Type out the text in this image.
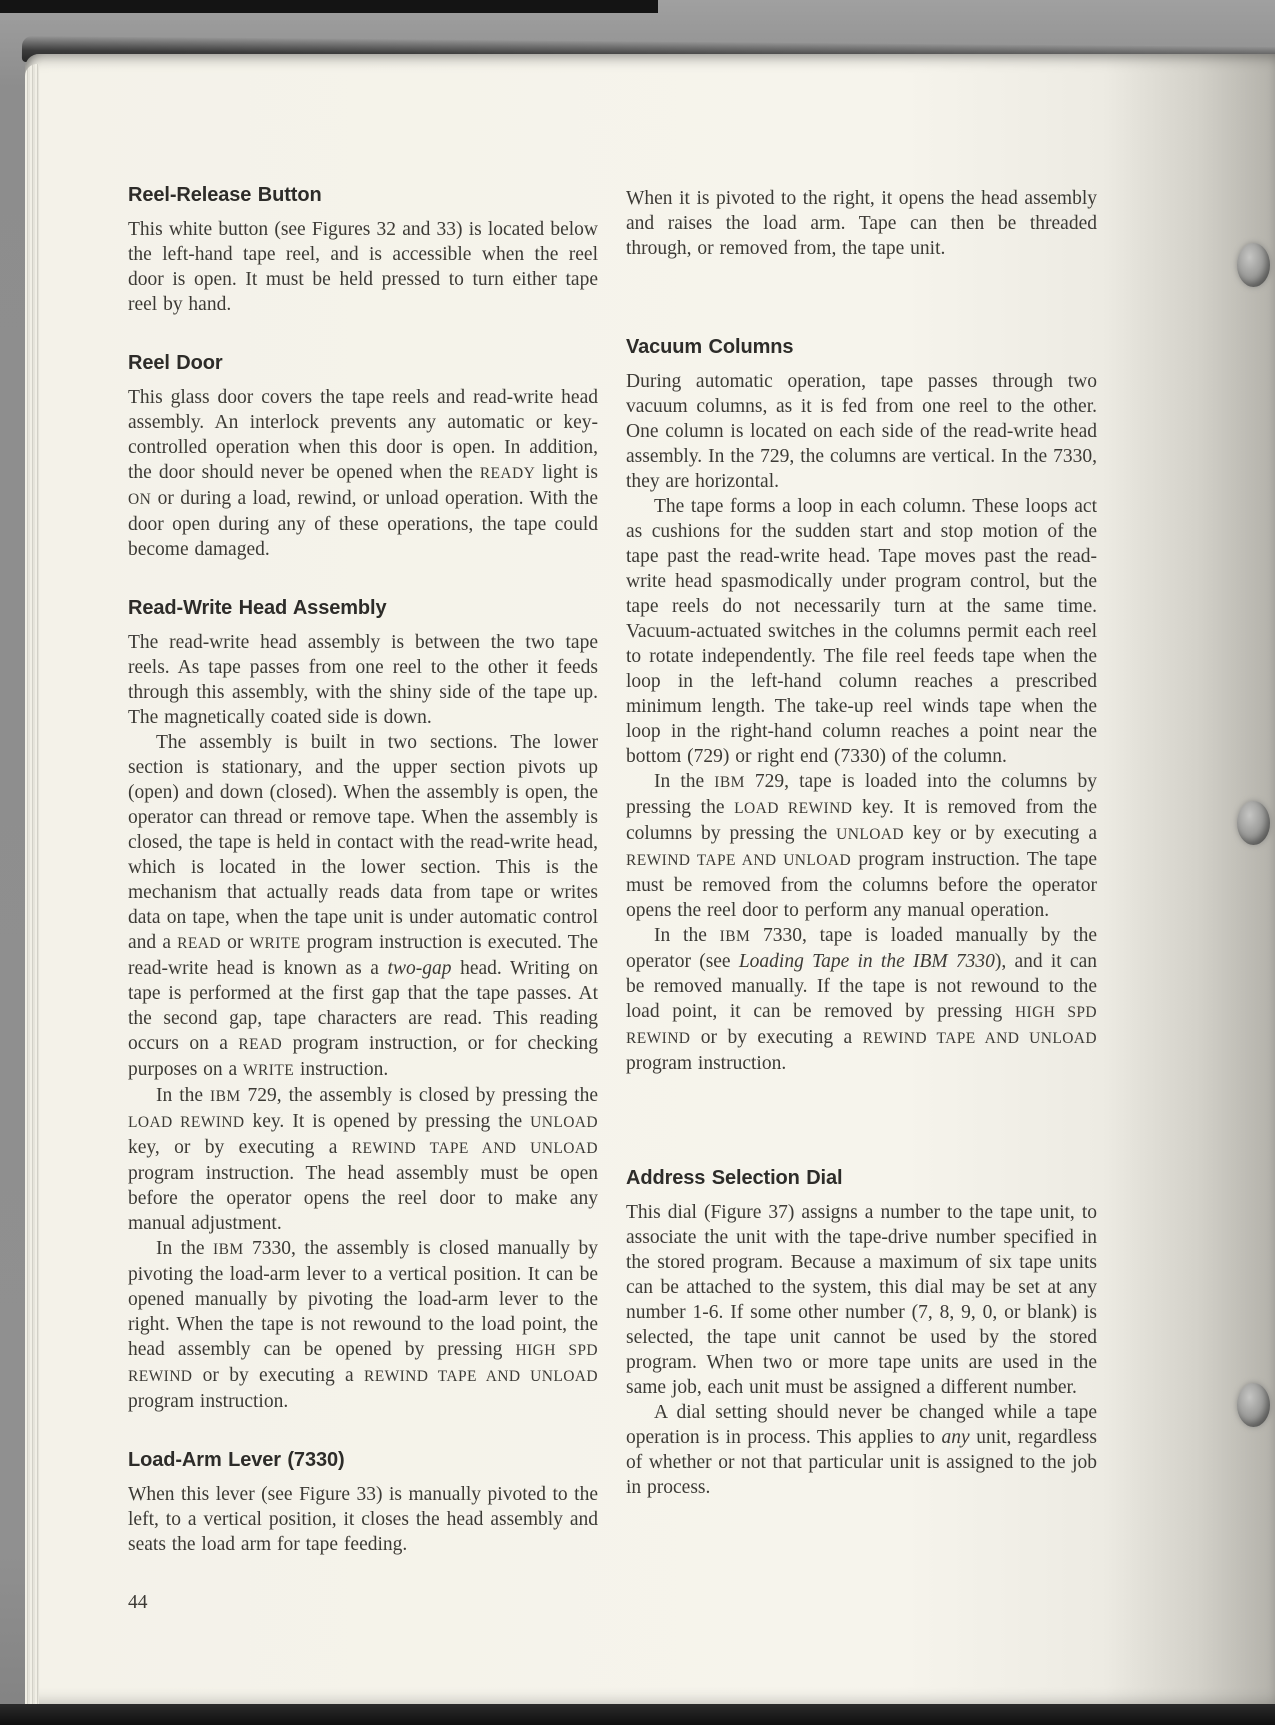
Reel-Release Button

This white button (see Figures 32 and 33) is located below the left-hand tape reel, and is accessible when the reel door is open. It must be held pressed to turn either tape reel by hand.

Reel Door

This glass door covers the tape reels and read-write head assembly. An interlock prevents any automatic or key-controlled operation when this door is open. In addition, the door should never be opened when the READY light is ON or during a load, rewind, or unload operation. With the door open during any of these operations, the tape could become damaged.

Read-Write Head Assembly

The read-write head assembly is between the two tape reels. As tape passes from one reel to the other it feeds through this assembly, with the shiny side of the tape up. The magnetically coated side is down.

The assembly is built in two sections. The lower section is stationary, and the upper section pivots up (open) and down (closed). When the assembly is open, the operator can thread or remove tape. When the assembly is closed, the tape is held in contact with the read-write head, which is located in the lower section. This is the mechanism that actually reads data from tape or writes data on tape, when the tape unit is under automatic control and a READ or WRITE program instruction is executed. The read-write head is known as a two-gap head. Writing on tape is performed at the first gap that the tape passes. At the second gap, tape characters are read. This reading occurs on a READ program instruction, or for checking purposes on a WRITE instruction.

In the IBM 729, the assembly is closed by pressing the LOAD REWIND key. It is opened by pressing the UNLOAD key, or by executing a REWIND TAPE AND UNLOAD program instruction. The head assembly must be open before the operator opens the reel door to make any manual adjustment.

In the IBM 7330, the assembly is closed manually by pivoting the load-arm lever to a vertical position. It can be opened manually by pivoting the load-arm lever to the right. When the tape is not rewound to the load point, the head assembly can be opened by pressing HIGH SPD REWIND or by executing a REWIND TAPE AND UNLOAD program instruction.

Load-Arm Lever (7330)

When this lever (see Figure 33) is manually pivoted to the left, to a vertical position, it closes the head assembly and seats the load arm for tape feeding.

When it is pivoted to the right, it opens the head assembly and raises the load arm. Tape can then be threaded through, or removed from, the tape unit.

Vacuum Columns

During automatic operation, tape passes through two vacuum columns, as it is fed from one reel to the other. One column is located on each side of the read-write head assembly. In the 729, the columns are vertical. In the 7330, they are horizontal.

The tape forms a loop in each column. These loops act as cushions for the sudden start and stop motion of the tape past the read-write head. Tape moves past the read-write head spasmodically under program control, but the tape reels do not necessarily turn at the same time. Vacuum-actuated switches in the columns permit each reel to rotate independently. The file reel feeds tape when the loop in the left-hand column reaches a prescribed minimum length. The take-up reel winds tape when the loop in the right-hand column reaches a point near the bottom (729) or right end (7330) of the column.

In the IBM 729, tape is loaded into the columns by pressing the LOAD REWIND key. It is removed from the columns by pressing the UNLOAD key or by executing a REWIND TAPE AND UNLOAD program instruction. The tape must be removed from the columns before the operator opens the reel door to perform any manual operation.

In the IBM 7330, tape is loaded manually by the operator (see Loading Tape in the IBM 7330), and it can be removed manually. If the tape is not rewound to the load point, it can be removed by pressing HIGH SPD REWIND or by executing a REWIND TAPE AND UNLOAD program instruction.

Address Selection Dial

This dial (Figure 37) assigns a number to the tape unit, to associate the unit with the tape-drive number specified in the stored program. Because a maximum of six tape units can be attached to the system, this dial may be set at any number 1-6. If some other number (7, 8, 9, 0, or blank) is selected, the tape unit cannot be used by the stored program. When two or more tape units are used in the same job, each unit must be assigned a different number.

A dial setting should never be changed while a tape operation is in process. This applies to any unit, regardless of whether or not that particular unit is assigned to the job in process.

44
